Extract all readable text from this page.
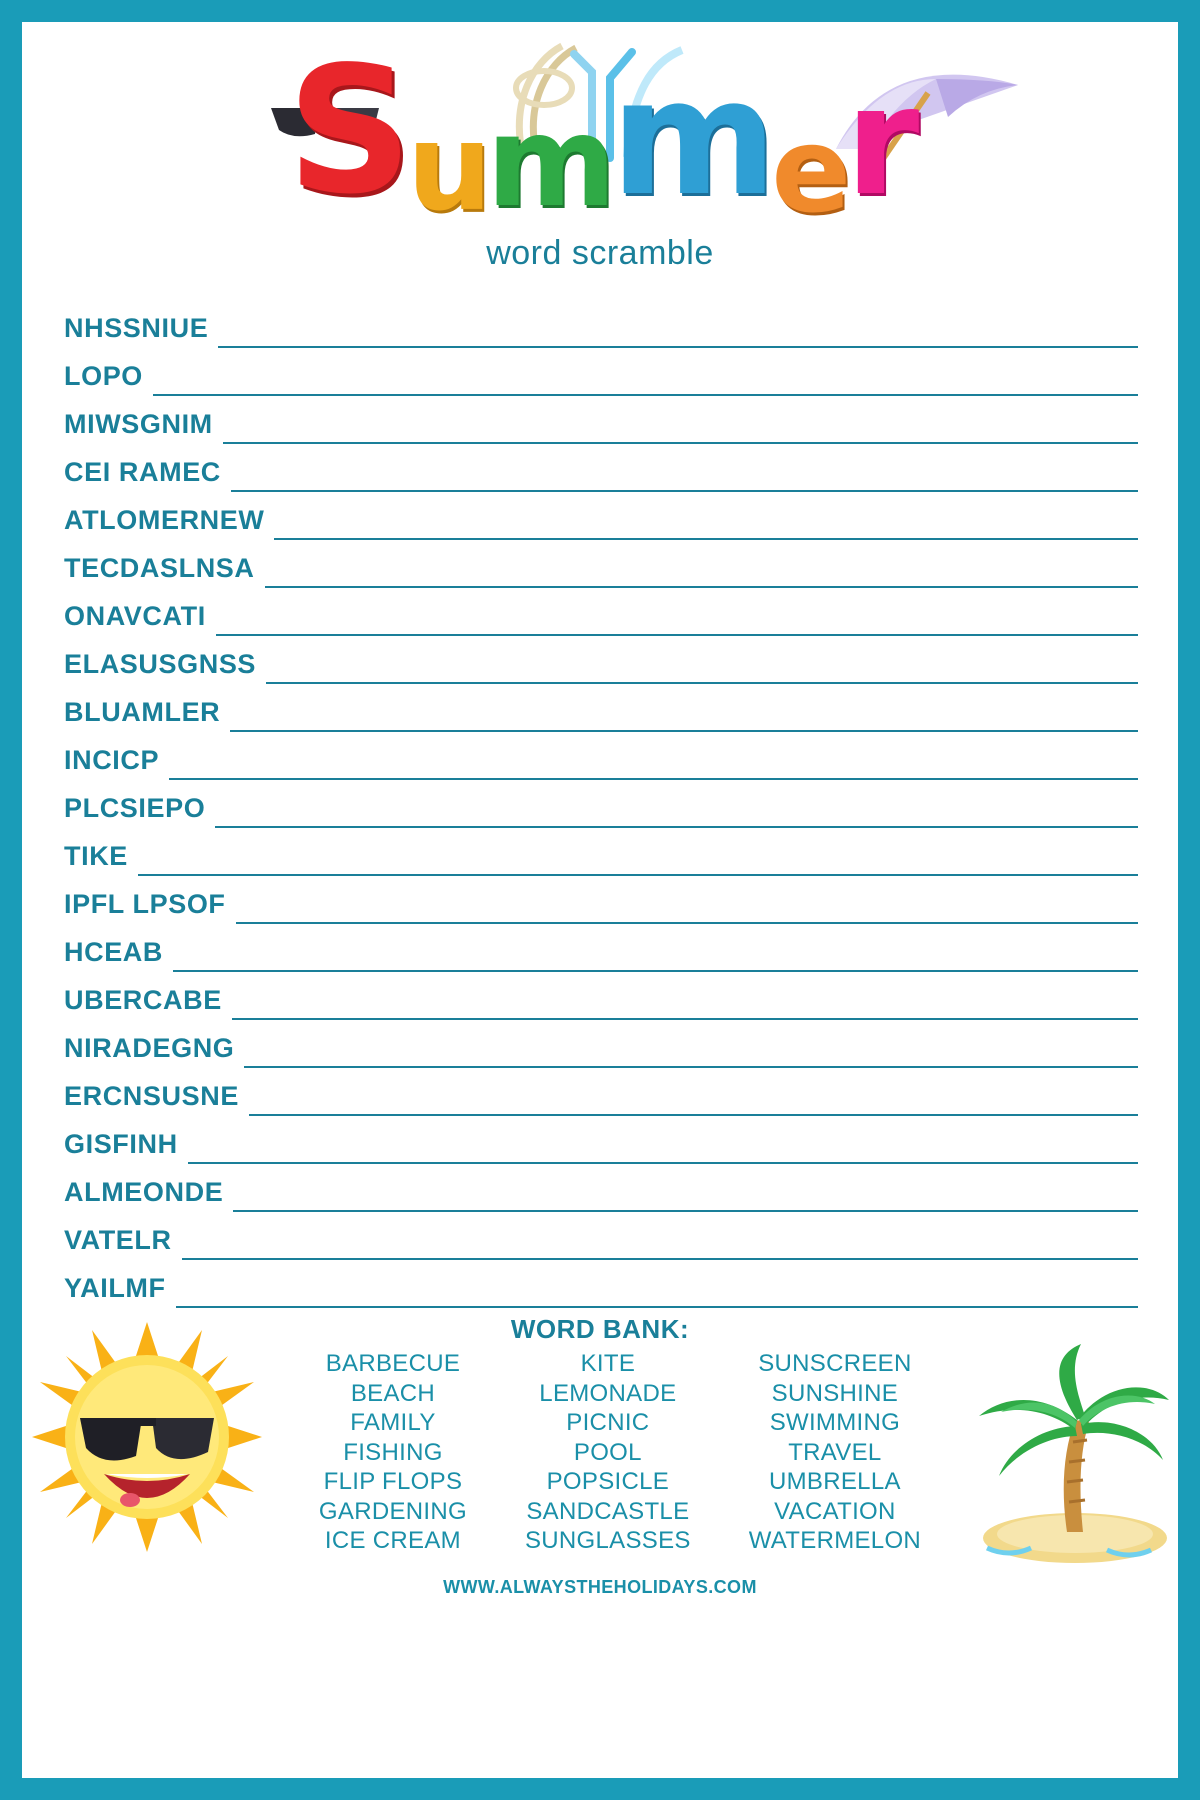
Summer
word scramble
NHSSNIUE
LOPO
MIWSGNIM
CEI RAMEC
ATLOMERNEW
TECDASLNSA
ONAVCATI
ELASUSGNSS
BLUAMLER
INCICP
PLCSIEPO
TIKE
IPFL LPSOF
HCEAB
UBERCABE
NIRADEGNG
ERCNSUSNE
GISFINH
ALMEONDE
VATELR
YAILMF
WORD BANK:
BARBECUE
BEACH
FAMILY
FISHING
FLIP FLOPS
GARDENING
ICE CREAM
KITE
LEMONADE
PICNIC
POOL
POPSICLE
SANDCASTLE
SUNGLASSES
SUNSCREEN
SUNSHINE
SWIMMING
TRAVEL
UMBRELLA
VACATION
WATERMELON
WWW.ALWAYSTHEHOLIDAYS.COM
